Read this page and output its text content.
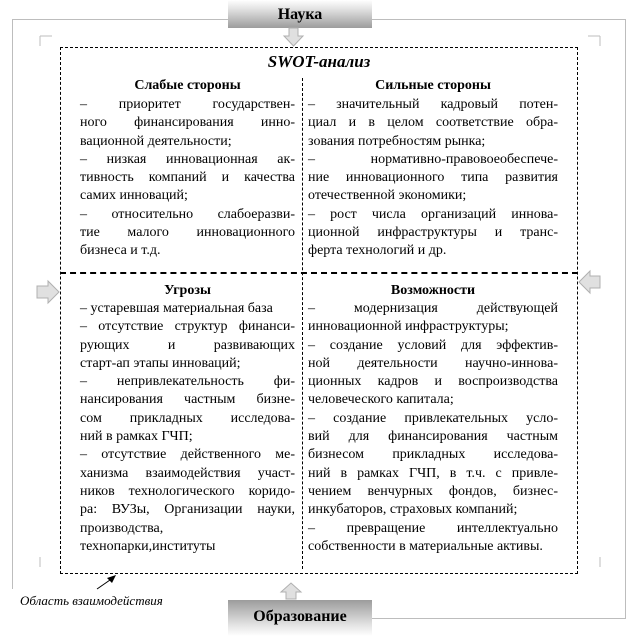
Наука
Образование
SWOT-анализ
Слабые стороны	Сильные стороны
Угрозы	Возможности
– приоритет государствен-
ного финансирования инно-
вационной деятельности;
– низкая инновационная ак-
тивность компаний и качества
самих инноваций;
– относительно слабоеразви-
тие малого инновационного
бизнеса и т.д.
– значительный кадровый потен-
циал и в целом соответствие обра-
зования потребностям рынка;
– нормативно-правовоеобеспече-
ние инновационного типа развития
отечественной экономики;
– рост числа организаций иннова-
ционной инфраструктуры и транс-
ферта технологий и др.
– устаревшая материальная база
– отсутствие структур финанси-
рующих и развивающих
старт-ап этапы инноваций;
– непривлекательность фи-
нансирования частным бизне-
сом прикладных исследова-
ний в рамках ГЧП;
– отсутствие действенного ме-
ханизма взаимодействия участ-
ников технологического коридо-
ра: ВУЗы, Организации науки,
производства,
технопарки,институты
– модернизация действующей
инновационной инфраструктуры;
– создание условий для эффектив-
ной деятельности научно-иннова-
ционных кадров и воспроизводства
человеческого капитала;
– создание привлекательных усло-
вий для финансирования частным
бизнесом прикладных исследова-
ний в рамках ГЧП, в т.ч. с привле-
чением венчурных фондов, бизнес-
инкубаторов, страховых компаний;
– превращение интеллектуально
собственности в материальные активы.
Область взаимодействия
